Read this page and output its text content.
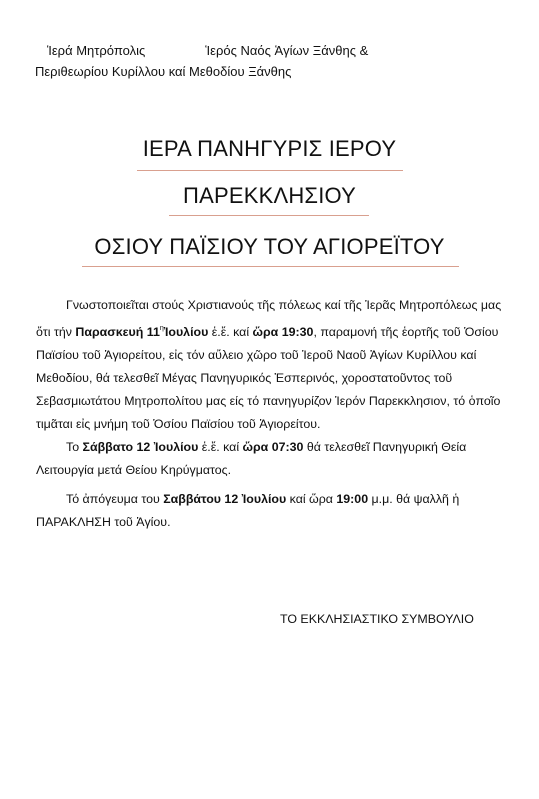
Ἱερά Μητρόπολις	Ἱερός Ναός Ἁγίων Ξάνθης &
Περιθεωρίου Κυρίλλου καί Μεθοδίου Ξάνθης
ΙΕΡΑ ΠΑΝΗΓΥΡΙΣ ΙΕΡΟΥ
ΠΑΡΕΚΚΛΗΣΙΟΥ
ΟΣΙΟΥ ΠΑΪΣΙΟΥ ΤΟΥ ΑΓΙΟΡΕΪΤΟΥ

Γνωστοποιεῖται στούς Χριστιανούς τῆς πόλεως καί τῆς Ἱερᾶς Μητροπόλεως μας ὅτι τήν Παρασκευή $11^\eta Ἰo\upsilon\lambda ίo\upsilon$ ἑ.ἔ. καί ὥρα 19:30, παραμονή τῆς ἑορτῆς τοῦ Ὁσίου Παϊσίου τοῦ Ἁγιορείτου, εἰς τόν αὔλειο χῶρο τοῦ Ἱεροῦ Ναοῦ Ἁγίων Κυρίλλου καί Μεθοδίου, θά τελεσθεῖ Μέγας Πανηγυρικός Ἑσπερινός, χοροστατοῦντος τοῦ Σεβασμιωτάτου Μητροπολίτου μας είς τό πανηγυρίζον Ἱερόν Παρεκκλησιον, τό ὁποῖο τιμᾶται εἰς μνήμη τοῦ Ὁσίου Παϊσίου τοῦ Ἁγιορείτου.

Το Σάββατο 12 Ἰουλίου ἑ.ἔ. καί ὥρα 07:30 θά τελεσθεῖ Πανηγυρική Θεία Λειτουργία μετά Θείου Κηρύγματος.

Τό ἀπόγευμα του Σαββάτου 12 Ἰουλίου καί ὥρα 19:00 μ.μ. θά ψαλλῆ ἡ ΠΑΡΑΚΛΗΣΗ τοῦ Ἁγίου.

ΤΟ ΕΚΚΛΗΣΙΑΣΤΙΚΟ ΣΥΜΒΟΥΛΙΟ
